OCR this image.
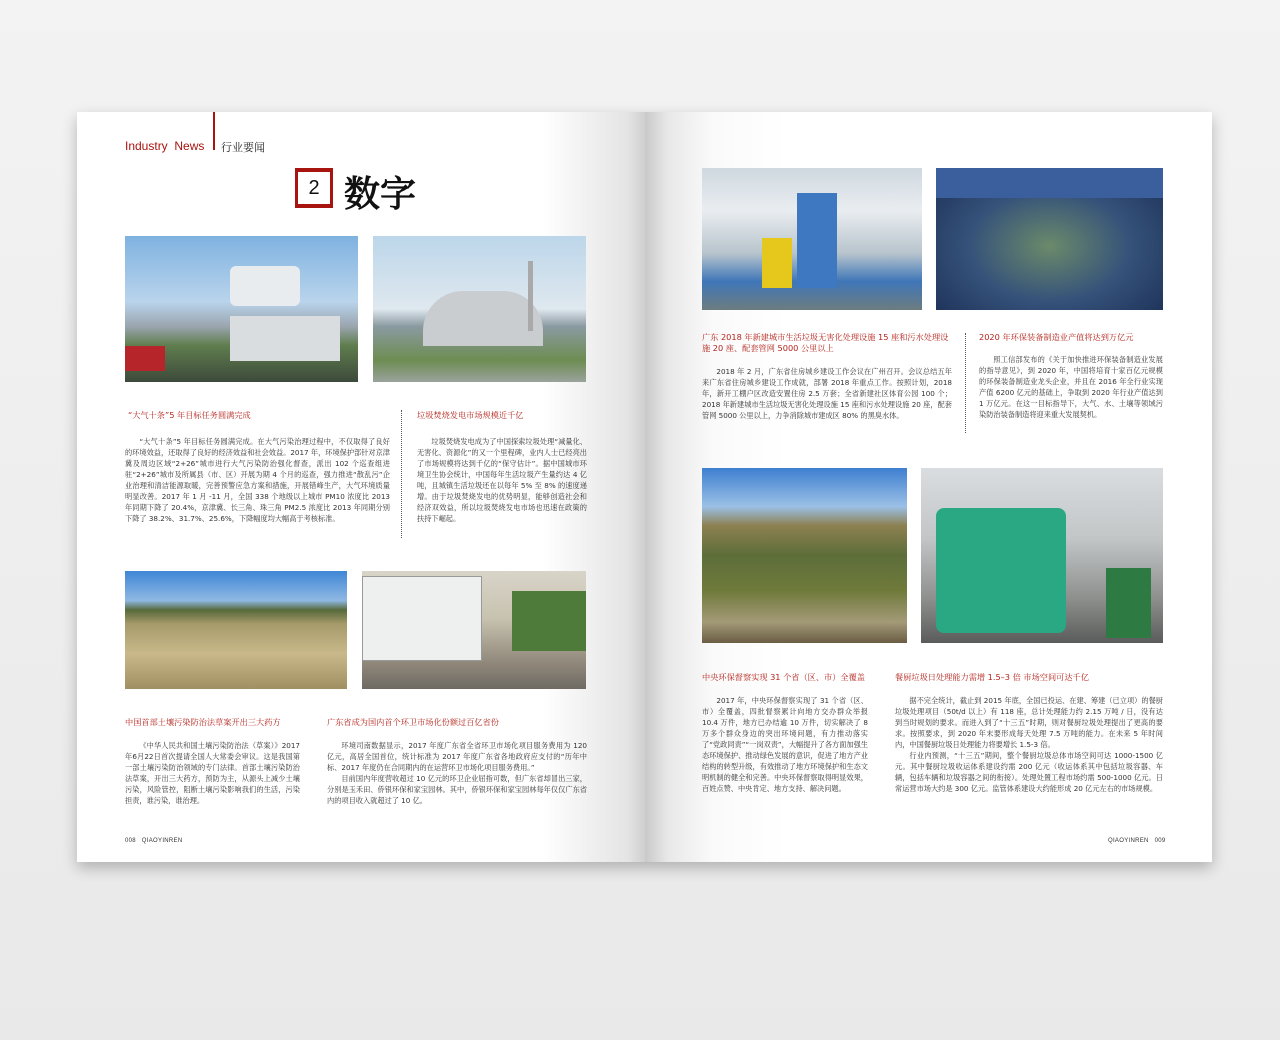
Industry  News 行业要闻
2 数字
“大气十条”5 年目标任务圆满完成
“大气十条”5 年目标任务圆满完成。在大气污染治理过程中，不仅取得了良好的环境效益，还取得了良好的经济效益和社会效益。2017 年，环境保护部针对京津冀及周边区域“2+26”城市进行大气污染防治强化督查，派出 102 个巡查组进驻“2+26”城市及所属县（市、区）开展为期 4 个月的巡查，强力推进“散乱污”企业治理和清洁能源取暖，完善预警应急方案和措施，开展错峰生产，大气环境质量明显改善。2017 年 1 月 -11 月，全国 338 个地级以上城市 PM10 浓度比 2013 年同期下降了 20.4%，京津冀、长三角、珠三角 PM2.5 浓度比 2013 年同期分别下降了 38.2%、31.7%、25.6%，下降幅度均大幅高于考核标准。
垃圾焚烧发电市场规模近千亿
垃圾焚烧发电成为了中国探索垃圾处理“减量化、无害化、资源化”的又一个里程碑，业内人士已经亮出了市场规模将达到千亿的“保守估计”。据中国城市环境卫生协会统计，中国每年生活垃圾产生量约达 4 亿吨，且城镇生活垃圾还在以每年 5% 至 8% 的速度递增。由于垃圾焚烧发电的优势明显，能够创造社会和经济双效益，所以垃圾焚烧发电市场也迅速在政策的扶持下崛起。
中国首部土壤污染防治法草案开出三大药方
《中华人民共和国土壤污染防治法（草案）》2017年6月22日首次提请全国人大常委会审议。这是我国第一部土壤污染防治领域的专门法律。首部土壤污染防治法草案，开出三大药方，预防为主，从源头上减少土壤污染，风险管控，阻断土壤污染影响我们的生活，污染担责，谁污染，谁治理。
广东省成为国内首个环卫市场化份额过百亿省份

环境司南数据显示，2017 年度广东省全省环卫市场化项目服务费用为 120 亿元，高居全国首位，统计标准为 2017 年度广东省各地政府应支付的“历年中标、2017 年度仍在合同期内的在运营环卫市场化项目服务费用。”

目前国内年度营收超过 10 亿元的环卫企业屈指可数，但广东省却冒出三家，分别是玉禾田、侨银环保和家宝园林。其中，侨银环保和家宝园林每年仅仅广东省内的项目收入就超过了 10 亿。

008   QIAOYINREN
广东 2018 年新建城市生活垃圾无害化处理设施 15 座和污水处理设施 20 座、配套管网 5000 公里以上
2018 年 2 月，广东省住房城乡建设工作会议在广州召开。会议总结五年来广东省住房城乡建设工作成就，部署 2018 年重点工作。按照计划，2018 年，新开工棚户区改造安置住房 2.5 万套；全省新建社区体育公园 100 个；2018 年新建城市生活垃圾无害化处理设施 15 座和污水处理设施 20 座，配套管网 5000 公里以上，力争消除城市建成区 80% 的黑臭水体。
2020 年环保装备制造业产值将达到万亿元
照工信部发布的《关于加快推进环保装备制造业发展的指导意见》，到 2020 年，中国将培育十家百亿元规模的环保装备制造业龙头企业，并且在 2016 年全行业实现产值 6200 亿元的基础上，争取到 2020 年行业产值达到 1 万亿元。在这一目标指导下，大气、水、土壤等领域污染防治装备制造将迎来重大发展契机。
中央环保督察实现 31 个省（区、市）全覆盖
2017 年，中央环保督察实现了 31 个省（区、市）全覆盖，四批督察累计向地方交办群众举报 10.4 万件，地方已办结逾 10 万件，切实解决了 8 万多个群众身边的突出环境问题，有力推动落实了“党政同责”“一岗双责”，大幅提升了各方面加强生态环境保护、推动绿色发展的意识，促进了地方产业结构的转型升级，有效推动了地方环境保护和生态文明机制的健全和完善。中央环保督察取得明显效果，百姓点赞、中央肯定、地方支持、解决问题。
餐厨垃圾日处理能力需增 1.5–3 倍 市场空间可达千亿

据不完全统计，截止到 2015 年底，全国已投运、在建、筹建（已立项）的餐厨垃圾处理项目（50t/d 以上）有 118 座，总计处理能力约 2.15 万吨 / 日，没有达到当时规划的要求。而进入到了“十三五”时期，则对餐厨垃圾处理提出了更高的要求。按照要求，到 2020 年末要形成每天处理 7.5 万吨的能力。在未来 5 年时间内，中国餐厨垃圾日处理能力将要增长 1.5-3 倍。

行业内预测，“十三五”期间，整个餐厨垃圾总体市场空间可达 1000-1500 亿元。其中餐厨垃圾收运体系建设约需 200 亿元（收运体系其中包括垃圾容器、车辆，包括车辆和垃圾容器之间的衔接）。处理处置工程市场约需 500-1000 亿元。日常运营市场大约是 300 亿元。监管体系建设大约能形成 20 亿元左右的市场规模。

QIAOYINREN   009
